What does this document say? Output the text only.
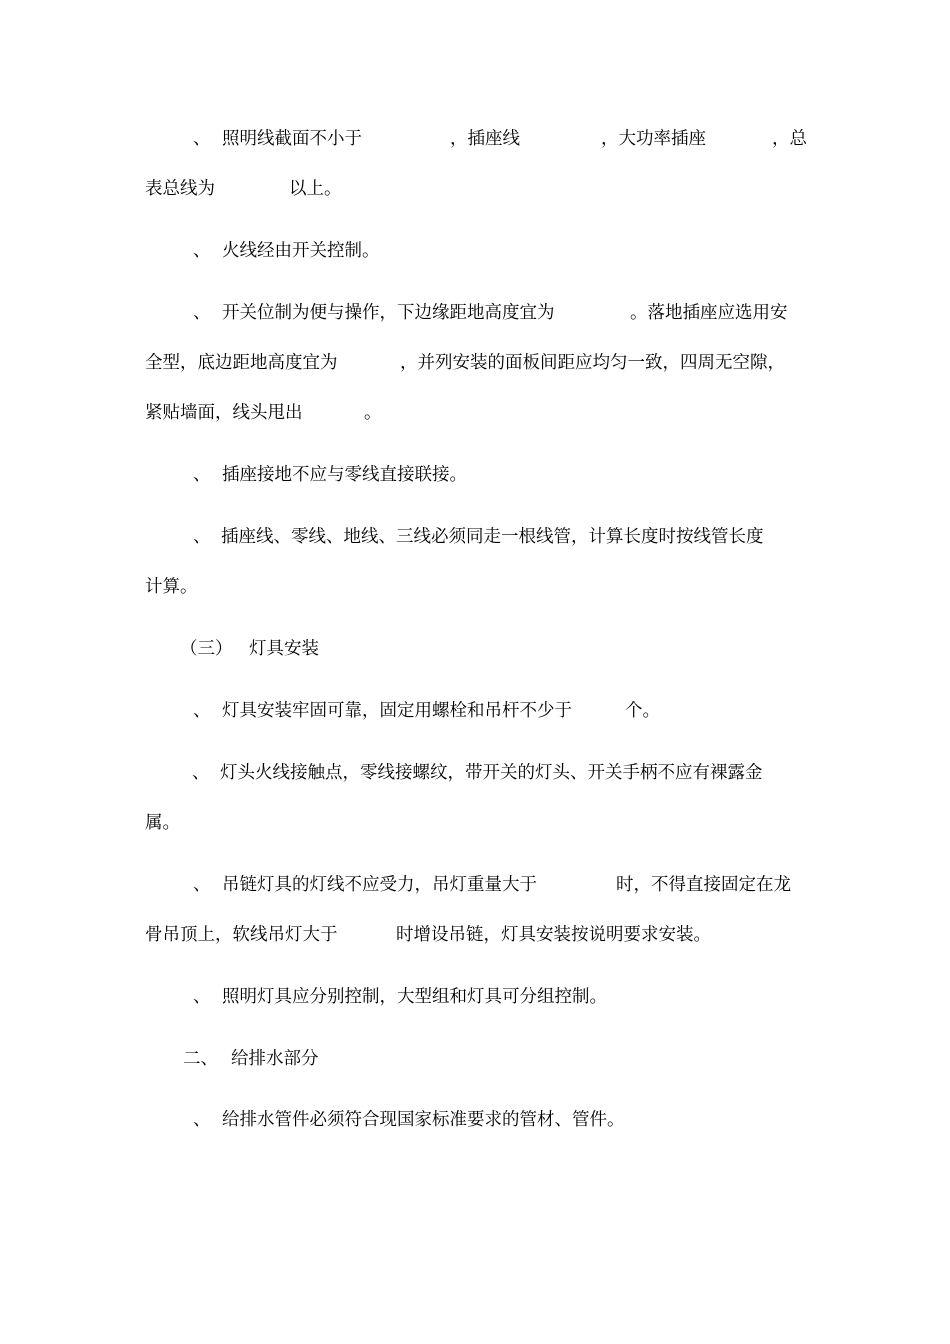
、 照明线截面不小于	，插座线	，大功率插座	，总
表总线为	以上。
、 火线经由开关控制。
、 开关位制为便与操作，下边缘距地高度宜为	。落地插座应选用安
全型，底边距地高度宜为	，并列安装的面板间距应均匀一致，四周无空隙，
紧贴墙面，线头甩出	。
、 插座接地不应与零线直接联接。
、 插座线、零线、地线、三线必须同走一根线管，计算长度时按线管长度
计算。
（三） 灯具安装
、 灯具安装牢固可靠，固定用螺栓和吊杆不少于	个。
、 灯头火线接触点，零线接螺纹，带开关的灯头、开关手柄不应有裸露金
属。
、 吊链灯具的灯线不应受力，吊灯重量大于	时，不得直接固定在龙
骨吊顶上，软线吊灯大于	时增设吊链，灯具安装按说明要求安装。
、 照明灯具应分别控制，大型组和灯具可分组控制。
二、 给排水部分
、 给排水管件必须符合现国家标准要求的管材、管件。
